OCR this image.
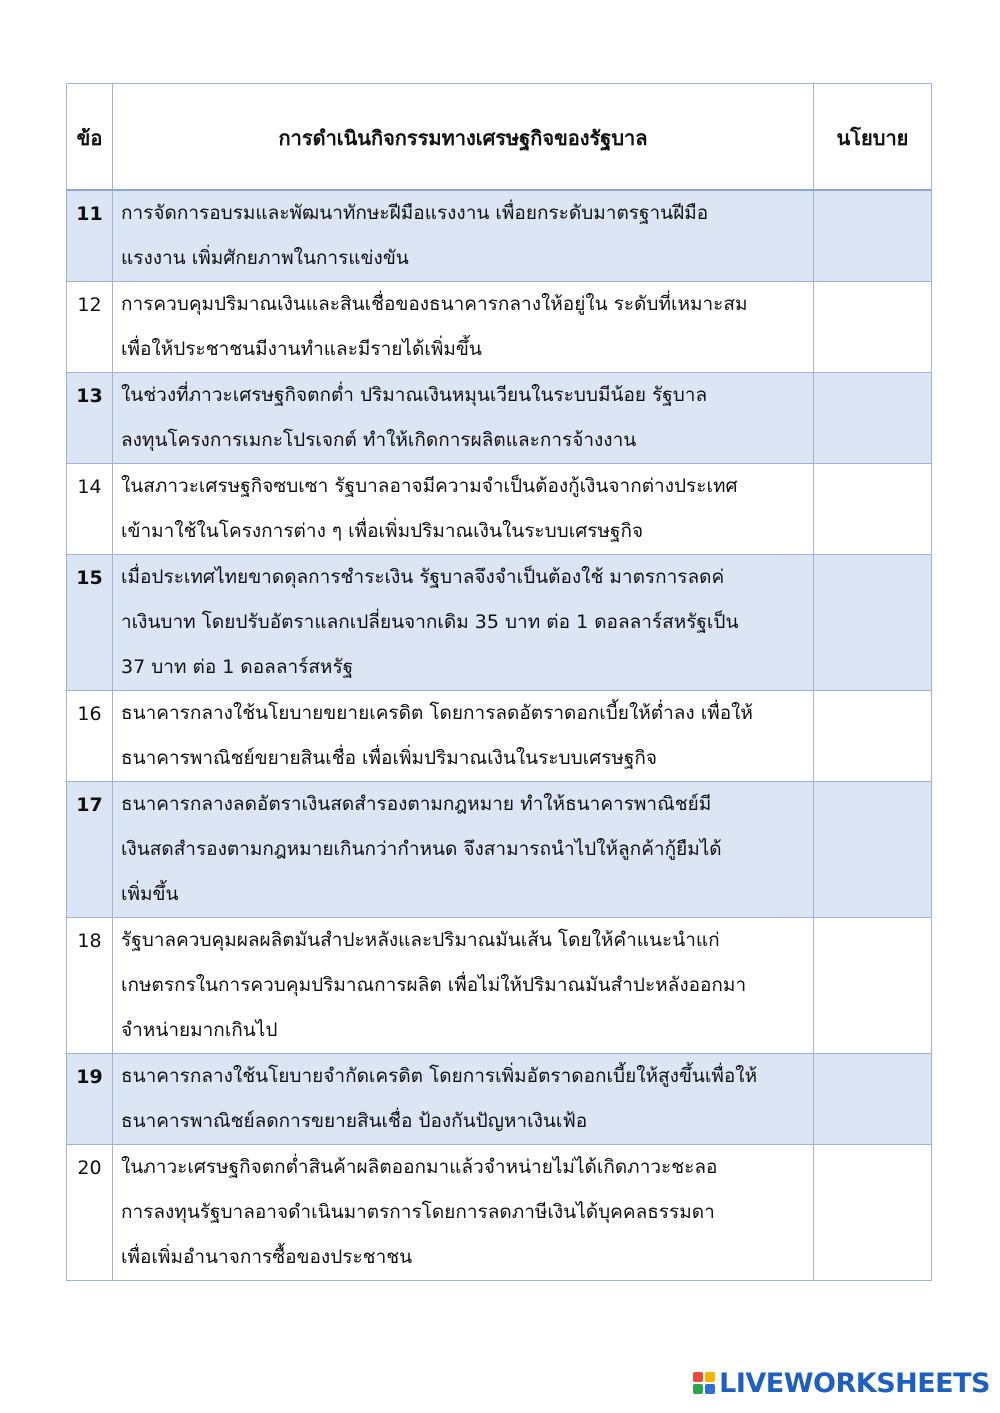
ข้อ	การดำเนินกิจกรรมทางเศรษฐกิจของรัฐบาล	นโยบาย
11	การจัดการอบรมและพัฒนาทักษะฝีมือแรงงาน เพื่อยกระดับมาตรฐานฝีมือ
แรงงาน เพิ่มศักยภาพในการแข่งขัน	
12	การควบคุมปริมาณเงินและสินเชื่อของธนาคารกลางให้อยู่ใน ระดับที่เหมาะสม
เพื่อให้ประชาชนมีงานทำและมีรายได้เพิ่มขึ้น	
13	ในช่วงที่ภาวะเศรษฐกิจตกต่ำ ปริมาณเงินหมุนเวียนในระบบมีน้อย รัฐบาล
ลงทุนโครงการเมกะโปรเจกต์ ทำให้เกิดการผลิตและการจ้างงาน	
14	ในสภาวะเศรษฐกิจซบเซา รัฐบาลอาจมีความจำเป็นต้องกู้เงินจากต่างประเทศ
เข้ามาใช้ในโครงการต่าง ๆ เพื่อเพิ่มปริมาณเงินในระบบเศรษฐกิจ	
15	เมื่อประเทศไทยขาดดุลการชำระเงิน รัฐบาลจึงจำเป็นต้องใช้ มาตรการลดค่
าเงินบาท โดยปรับอัตราแลกเปลี่ยนจากเดิม 35 บาท ต่อ 1 ดอลลาร์สหรัฐเป็น
37 บาท ต่อ 1 ดอลลาร์สหรัฐ	
16	ธนาคารกลางใช้นโยบายขยายเครดิต โดยการลดอัตราดอกเบี้ยให้ต่ำลง เพื่อให้
ธนาคารพาณิชย์ขยายสินเชื่อ เพื่อเพิ่มปริมาณเงินในระบบเศรษฐกิจ	
17	ธนาคารกลางลดอัตราเงินสดสำรองตามกฎหมาย ทำให้ธนาคารพาณิชย์มี
เงินสดสำรองตามกฎหมายเกินกว่ากำหนด จึงสามารถนำไปให้ลูกค้ากู้ยืมได้
เพิ่มขึ้น	
18	รัฐบาลควบคุมผลผลิตมันสำปะหลังและปริมาณมันเส้น โดยให้คำแนะนำแก่
เกษตรกรในการควบคุมปริมาณการผลิต เพื่อไม่ให้ปริมาณมันสำปะหลังออกมา
จำหน่ายมากเกินไป	
19	ธนาคารกลางใช้นโยบายจำกัดเครดิต โดยการเพิ่มอัตราดอกเบี้ยให้สูงขึ้นเพื่อให้
ธนาคารพาณิชย์ลดการขยายสินเชื่อ ป้องกันปัญหาเงินเฟ้อ	
20	ในภาวะเศรษฐกิจตกต่ำสินค้าผลิตออกมาแล้วจำหน่ายไม่ได้เกิดภาวะชะลอ
การลงทุนรัฐบาลอาจดำเนินมาตรการโดยการลดภาษีเงินได้บุคคลธรรมดา
เพื่อเพิ่มอำนาจการซื้อของประชาชน	
LIVEWORKSHEETS
